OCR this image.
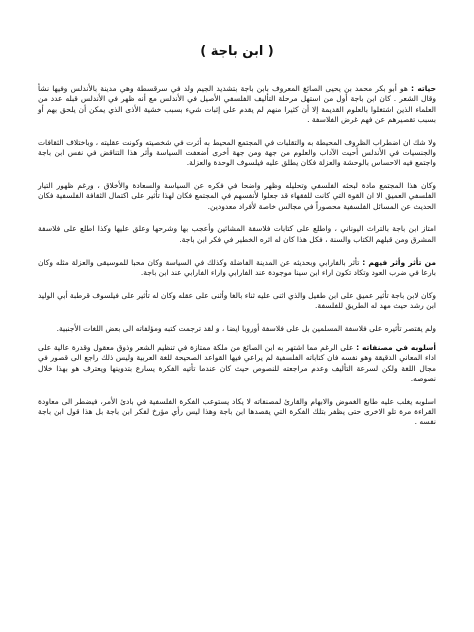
( ابن باجة )

حياته : هو أبو بكر محمد بن يحيى الصائغ المعروف بابن باجة بتشديد الجيم ولد في سرقسطة وهي مدينة بالأندلس وفيها نشأ وقال الشعر . كان ابن باجة أول من استهل مرحلة التأليف الفلسفي الأصيل في الأندلس مع أنه ظهر في الأندلس قبله عدد من العلماء الذين اشتغلوا بالعلوم القديمة إلا أن كثيرا منهم لم يقدم على إثبات شيء بسبب خشية الأذى الذي يمكن أن يلحق بهم أو بسبب تقصيرهم عن فهم غرض الفلاسفة .

ولا شك ان اضطراب الظروف المحيطة به والتقلبات في المجتمع المحيط به أثرت في شخصيته وكونت عقليته ، وباختلاف الثقافات والجنسيات في الأندلس أحيت الآداب والعلوم من جهة ومن جهة أخرى أضعفت السياسة وأثر هذا التناقض في نفس ابن باجة واجتمع فيه الاحساس بالوحشة والعزلة فكان يطلق عليه فيلسوف الوحدة والعزلة.

وكان هذا المجتمع مادة لبحثه الفلسفي وتحليله وظهر واضحا في فكره عن السياسة والسعادة والأخلاق ، ورغم ظهور التيار الفلسفي العميق الا ان القوة التي كانت للفقهاء قد جعلوا لأنفسهم في المجتمع فكان لهذا تأثير على اكتمال الثقافة الفلسفية فكان الحديث عن المسائل الفلسفية محصوراً في مجالس خاصة لأفراد معدودين.

امتاز ابن باجة بالتراث اليوناني ، واطلع على كتابات فلاسفة المشائين وأعجب بها وشرحها وعلق عليها وكذا اطلع على فلاسفة المشرق ومن قبلهم الكتاب والسنة ، فكل هذا كان له اثره الخطير في فكر ابن باجة.

من تأثر وأثر فيهم : تأثر بالفارابي وبحديثه عن المدينة الفاضلة وكذلك في السياسة وكان محبا للموسيقى والعزلة مثله وكان بارعا في ضرب العود وتكاد تكون اراء ابن سينا موجودة عند الفارابي واراء الفارابي عند ابن باجة.

وكان لابن باجة تأثير عميق على ابن طفيل والذي اثنى عليه ثناء بالغا وأثنى على عقله وكان له تأثير على فيلسوف قرطبة أبي الوليد ابن رشد حيث مهد له الطريق للفلسفة.

ولم يقتصر تأثيره على فلاسفة المسلمين بل على فلاسفة أوروبا ايضا ، و لقد ترجمت كتبه ومؤلفاته الى بعض اللغات الأجنبية.

أسلوبه في مصنفاته : على الرغم مما اشتهر به ابن الصائغ من ملكة ممتازة في تنظيم الشعر وذوق معقول وقدرة عالية على اداء المعاني الدقيقة وهو نفسه فان كتاباته الفلسفية لم يراعي فيها القواعد الصحيحة للغة العربية وليس ذلك راجع الى قصور في مجال اللغة ولكن لسرعة التأليف وعدم مراجعته للنصوص حيث كان عندما تأتيه الفكرة يسارع بتدوينها ويعترف هو بهذا خلال نصوصه.

اسلوبه يغلب عليه طابع الغموض والابهام والقارئ لمصنفاته لا يكاد يستوعب الفكرة الفلسفية في بادئ الأمر، فيضطر الى معاودة القراءة مرة تلو الاخرى حتى يظفر بتلك الفكرة التي يقصدها ابن باجة وهذا ليس رأي مؤرخ لفكر ابن باجة بل هذا قول ابن باجة نفسه .
